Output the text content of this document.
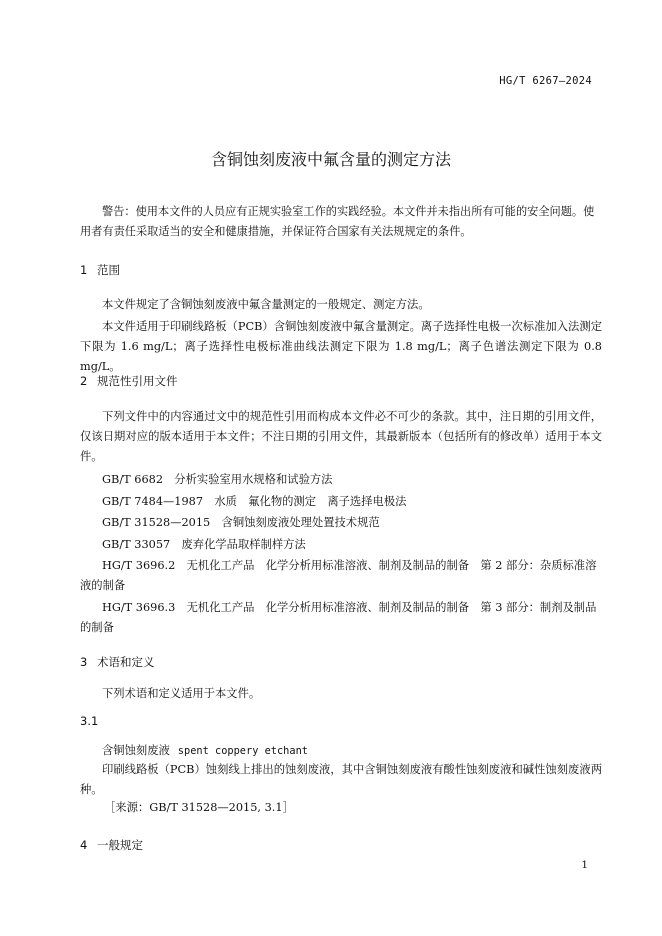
HG/T 6267—2024
含铜蚀刻废液中氟含量的测定方法
警告：使用本文件的人员应有正规实验室工作的实践经验。本文件并未指出所有可能的安全问题。使用者有责任采取适当的安全和健康措施，并保证符合国家有关法规规定的条件。
1 范围
本文件规定了含铜蚀刻废液中氟含量测定的一般规定、测定方法。
本文件适用于印刷线路板（PCB）含铜蚀刻废液中氟含量测定。离子选择性电极一次标准加入法测定下限为 1.6 mg/L；离子选择性电极标准曲线法测定下限为 1.8 mg/L；离子色谱法测定下限为 0.8 mg/L。
2 规范性引用文件
下列文件中的内容通过文中的规范性引用而构成本文件必不可少的条款。其中，注日期的引用文件，仅该日期对应的版本适用于本文件；不注日期的引用文件，其最新版本（包括所有的修改单）适用于本文件。
GB/T 6682　分析实验室用水规格和试验方法
GB/T 7484—1987　水质　氟化物的测定　离子选择电极法
GB/T 31528—2015　含铜蚀刻废液处理处置技术规范
GB/T 33057　废弃化学品取样制样方法
HG/T 3696.2　无机化工产品　化学分析用标准溶液、制剂及制品的制备　第 2 部分：杂质标准溶液的制备
HG/T 3696.3　无机化工产品　化学分析用标准溶液、制剂及制品的制备　第 3 部分：制剂及制品的制备
3 术语和定义
下列术语和定义适用于本文件。
3.1
含铜蚀刻废液 spent coppery etchant
印刷线路板（PCB）蚀刻线上排出的蚀刻废液，其中含铜蚀刻废液有酸性蚀刻废液和碱性蚀刻废液两种。
［来源：GB/T 31528—2015, 3.1］
4 一般规定
1
